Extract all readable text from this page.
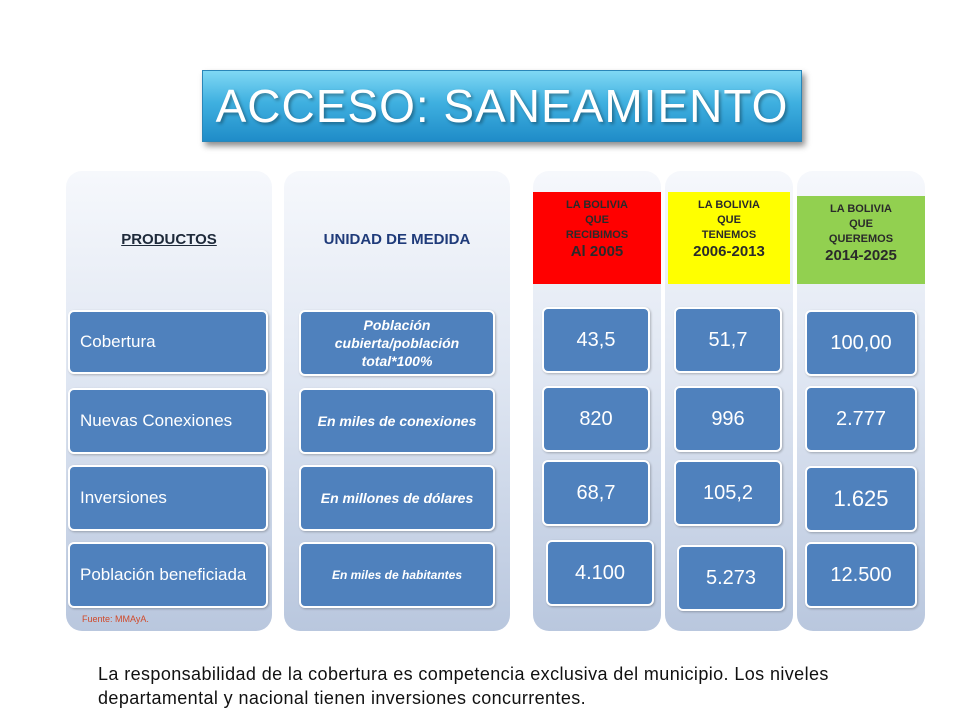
ACCESO: SANEAMIENTO
PRODUCTOS
Cobertura
Nuevas Conexiones
Inversiones
Población beneficiada
Fuente: MMAyA.
UNIDAD DE MEDIDA
Población cubierta/población total*100%
En miles de conexiones
En millones de dólares
En miles de habitantes
LA BOLIVIA
QUE
RECIBIMOS
Al 2005
43,5
820
68,7
4.100
LA BOLIVIA
QUE
TENEMOS
2006-2013
51,7
996
105,2
5.273
LA BOLIVIA
QUE
QUEREMOS
2014-2025
100,00
2.777
1.625
12.500
La responsabilidad de la cobertura es competencia exclusiva del municipio. Los niveles departamental y nacional tienen inversiones concurrentes.
